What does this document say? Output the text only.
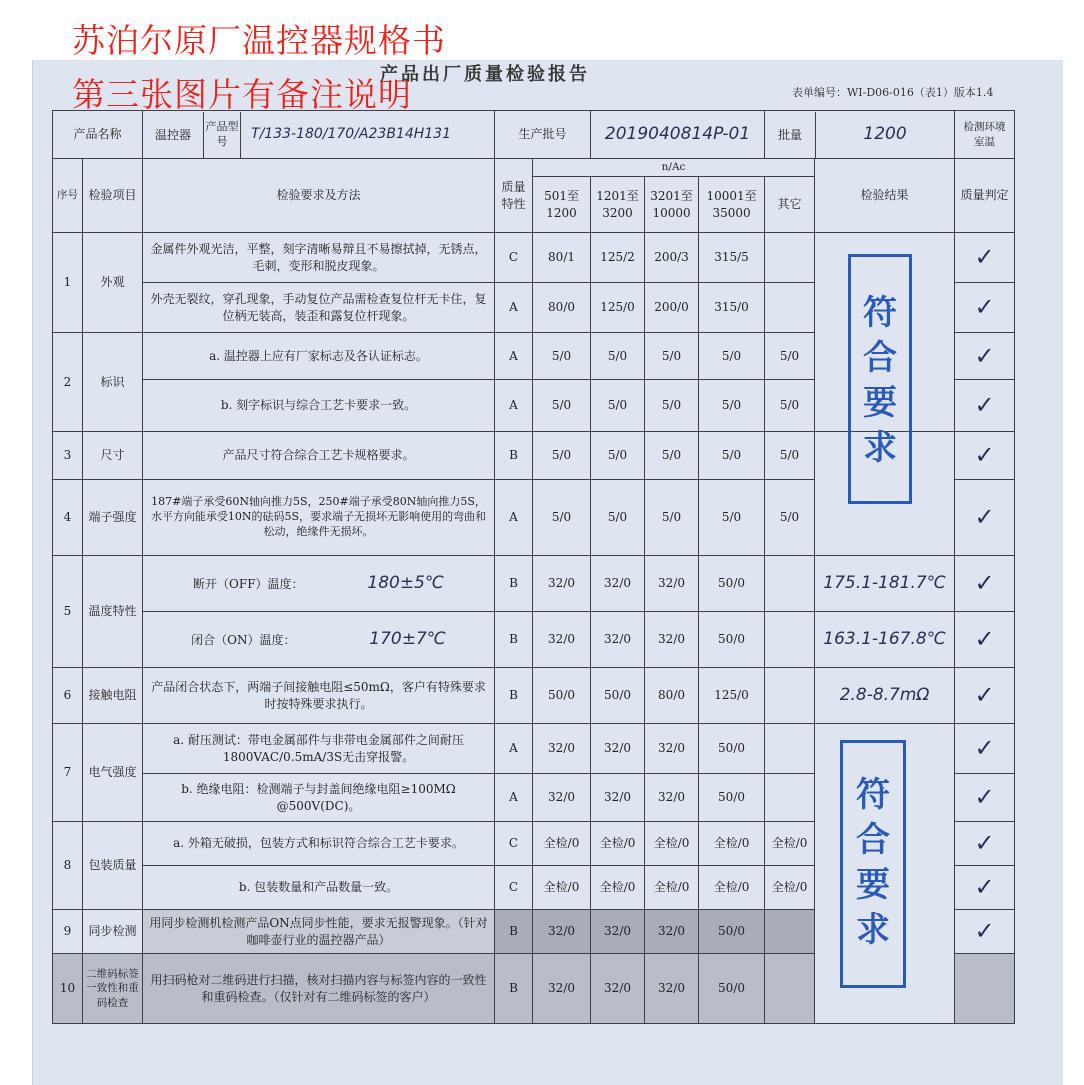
苏泊尔原厂温控器规格书
第三张图片有备注说明
产品出厂质量检验报告
表单编号：WI-D06-016（表1）版本1.4
产品名称		温控器
产品型号 T/133-180/170/A23B14H131	生产批号		2019040814P-01			批量 1200		检测环境 室温
序号	检验项目	检验要求及方法	质量特性	n/Ac					检验结果	质量判定
				501至1200	1201至3200	3201至10000	10001至35000	其它		
1	外观	金属件外观光洁，平整，刻字清晰易辩且不易擦拭掉，无锈点，毛刺，变形和脱皮现象。	C	80/1	125/2	200/3	315/5			✓
		外壳无裂纹，穿孔现象，手动复位产品需检查复位杆无卡住，复位柄无装高，装歪和露复位杆现象。	A	80/0	125/0	200/0	315/0			✓
2	标识	a. 温控器上应有厂家标志及各认证标志。	A	5/0	5/0	5/0	5/0	5/0		✓
		b. 刻字标识与综合工艺卡要求一致。	A	5/0	5/0	5/0	5/0	5/0		✓
3	尺寸	产品尺寸符合综合工艺卡规格要求。	B	5/0	5/0	5/0	5/0	5/0		✓
4	端子强度	187#端子承受60N轴向推力5S，250#端子承受80N轴向推力5S，水平方向能承受10N的砝码5S，要求端子无损坏无影响使用的弯曲和松动，绝缘件无损坏。	A	5/0	5/0	5/0	5/0	5/0		✓
5	温度特性	断开（OFF）温度： 180±5℃	B	32/0	32/0	32/0	50/0		175.1-181.7℃	✓
		闭合（ON）温度： 170±7℃	B	32/0	32/0	32/0	50/0		163.1-167.8℃	✓
6	接触电阻	产品闭合状态下，两端子间接触电阻≤50mΩ，客户有特殊要求时按特殊要求执行。	B	50/0	50/0	80/0	125/0		2.8-8.7mΩ	✓
7	电气强度	a. 耐压测试：带电金属部件与非带电金属部件之间耐压1800VAC/0.5mA/3S无击穿报警。	A	32/0	32/0	32/0	50/0			✓
		b. 绝缘电阻：检测端子与封盖间绝缘电阻≥100MΩ @500V(DC)。	A	32/0	32/0	32/0	50/0			✓
8	包装质量	a. 外箱无破损，包装方式和标识符合综合工艺卡要求。	C	全检/0	全检/0	全检/0	全检/0	全检/0		✓
		b. 包装数量和产品数量一致。	C	全检/0	全检/0	全检/0	全检/0	全检/0		✓
9	同步检测	用同步检测机检测产品ON点同步性能，要求无报警现象。（针对咖啡壶行业的温控器产品）	B	32/0	32/0	32/0	50/0			✓
10	二维码标签一致性和重码检查	用扫码枪对二维码进行扫描，核对扫描内容与标签内容的一致性和重码检查。（仅针对有二维码标签的客户）	B	32/0	32/0	32/0	50/0			
符合要求
符合要求
